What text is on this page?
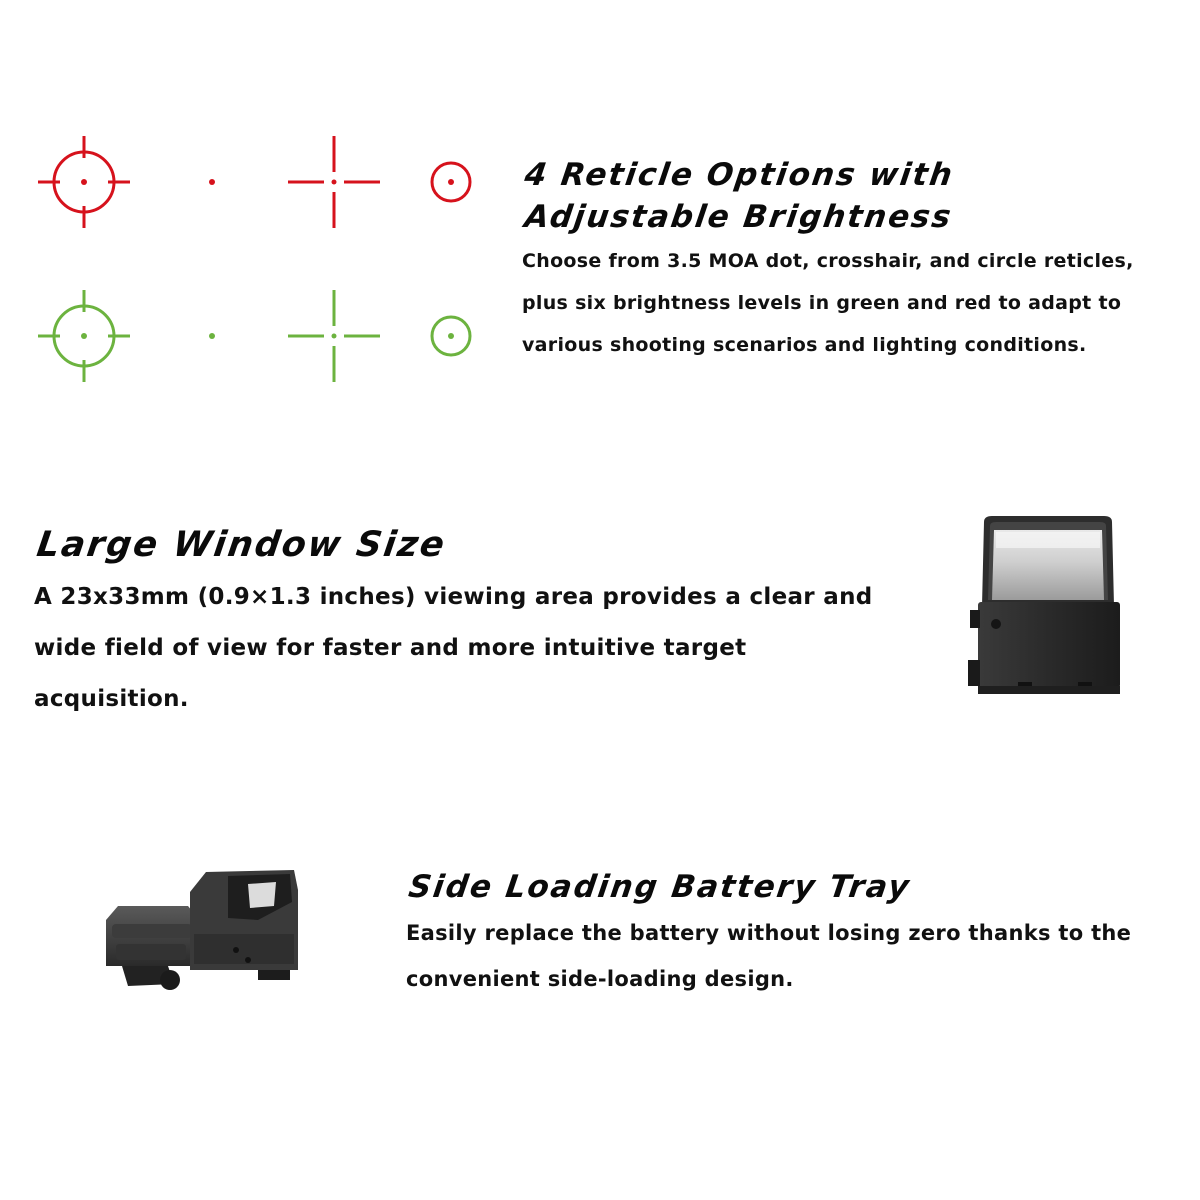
4 Reticle Options with

Adjustable Brightness

Choose from 3.5 MOA dot, crosshair, and circle reticles,

plus six brightness levels in green and red to adapt to

various shooting scenarios and lighting conditions.

Large Window Size

A 23x33mm (0.9×1.3 inches) viewing area provides a clear and

wide field of view for faster and more intuitive target

acquisition.

Side Loading Battery Tray

Easily replace the battery without losing zero thanks to the

convenient side-loading design.
